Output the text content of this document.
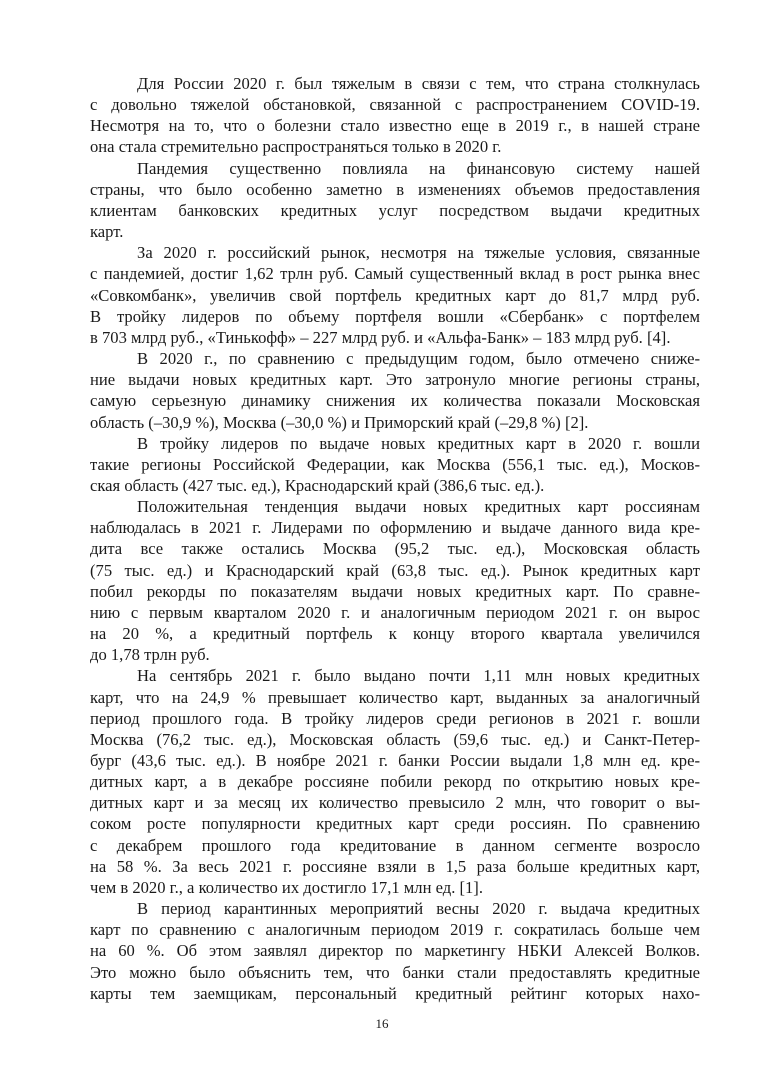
Для России 2020 г. был тяжелым в связи с тем, что страна столкнулась
с довольно тяжелой обстановкой, связанной с распространением COVID-19.
Несмотря на то, что о болезни стало известно еще в 2019 г., в нашей стране
она стала стремительно распространяться только в 2020 г.
Пандемия существенно повлияла на финансовую систему нашей
страны, что было особенно заметно в изменениях объемов предоставления
клиентам банковских кредитных услуг посредством выдачи кредитных
карт.
За 2020 г. российский рынок, несмотря на тяжелые условия, связанные
с пандемией, достиг 1,62 трлн руб. Самый существенный вклад в рост рынка внес
«Совкомбанк», увеличив свой портфель кредитных карт до 81,7 млрд руб.
В тройку лидеров по объему портфеля вошли «Сбербанк» с портфелем
в 703 млрд руб., «Тинькофф» – 227 млрд руб. и «Альфа-Банк» – 183 млрд руб. [4].
В 2020 г., по сравнению с предыдущим годом, было отмечено сниже-
ние выдачи новых кредитных карт. Это затронуло многие регионы страны,
самую серьезную динамику снижения их количества показали Московская
область (–30,9 %), Москва (–30,0 %) и Приморский край (–29,8 %) [2].
В тройку лидеров по выдаче новых кредитных карт в 2020 г. вошли
такие регионы Российской Федерации, как Москва (556,1 тыс. ед.), Москов-
ская область (427 тыс. ед.), Краснодарский край (386,6 тыс. ед.).
Положительная тенденция выдачи новых кредитных карт россиянам
наблюдалась в 2021 г. Лидерами по оформлению и выдаче данного вида кре-
дита все также остались Москва (95,2 тыс. ед.), Московская область
(75 тыс. ед.) и Краснодарский край (63,8 тыс. ед.). Рынок кредитных карт
побил рекорды по показателям выдачи новых кредитных карт. По сравне-
нию с первым кварталом 2020 г. и аналогичным периодом 2021 г. он вырос
на 20 %, а кредитный портфель к концу второго квартала увеличился
до 1,78 трлн руб.
На сентябрь 2021 г. было выдано почти 1,11 млн новых кредитных
карт, что на 24,9 % превышает количество карт, выданных за аналогичный
период прошлого года. В тройку лидеров среди регионов в 2021 г. вошли
Москва (76,2 тыс. ед.), Московская область (59,6 тыс. ед.) и Санкт-Петер-
бург (43,6 тыс. ед.). В ноябре 2021 г. банки России выдали 1,8 млн ед. кре-
дитных карт, а в декабре россияне побили рекорд по открытию новых кре-
дитных карт и за месяц их количество превысило 2 млн, что говорит о вы-
соком росте популярности кредитных карт среди россиян. По сравнению
с декабрем прошлого года кредитование в данном сегменте возросло
на 58 %. За весь 2021 г. россияне взяли в 1,5 раза больше кредитных карт,
чем в 2020 г., а количество их достигло 17,1 млн ед. [1].
В период карантинных мероприятий весны 2020 г. выдача кредитных
карт по сравнению с аналогичным периодом 2019 г. сократилась больше чем
на 60 %. Об этом заявлял директор по маркетингу НБКИ Алексей Волков.
Это можно было объяснить тем, что банки стали предоставлять кредитные
карты тем заемщикам, персональный кредитный рейтинг которых нахо-
16
